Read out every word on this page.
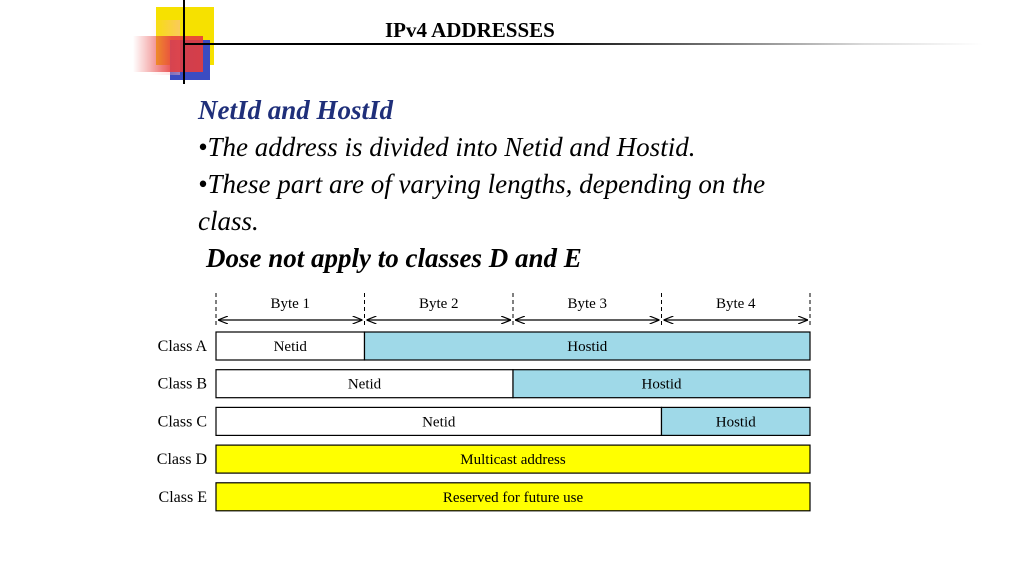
IPv4 ADDRESSES
NetId and HostId
•The address is divided into Netid and Hostid.
•These part are of varying lengths, depending on the class.
Dose not apply to classes D and E
Byte 1	Byte 2	Byte 3	Byte 4
Class A	Netid	Hostid
Class B	Netid	Hostid
Class C	Netid	Hostid
Class D	Multicast address
Class E	Reserved for future use
